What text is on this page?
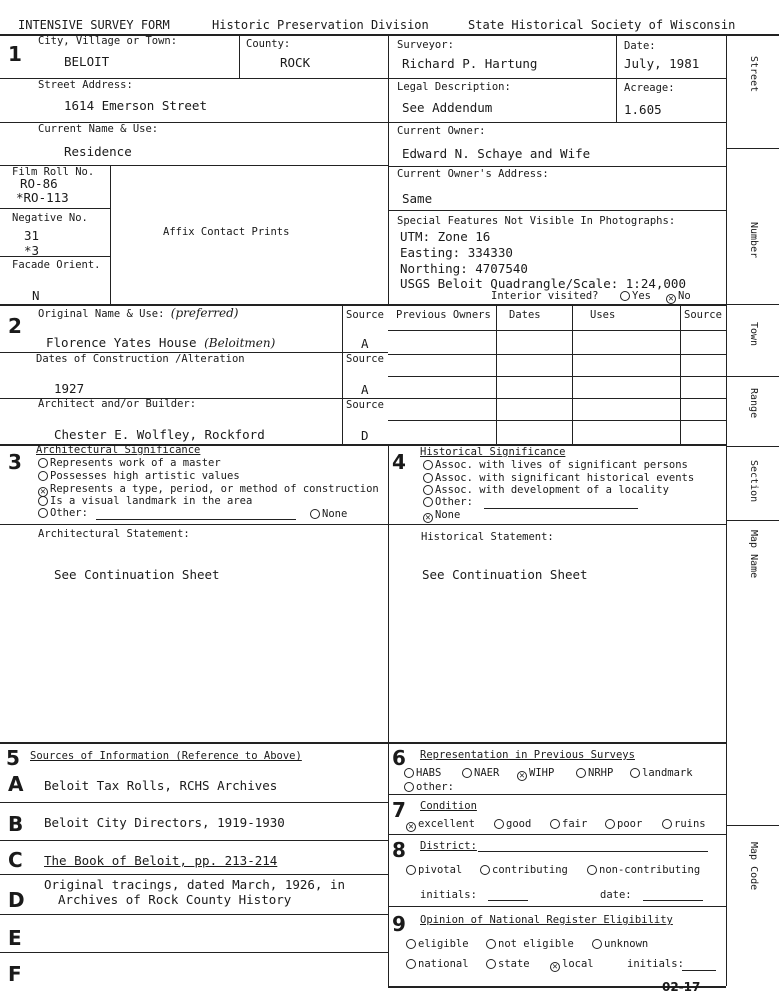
INTENSIVE SURVEY FORM	Historic Preservation Division	State Historical Society of Wisconsin
Street
Number
Town
Range
Section
Map Name
Map Code
1
City, Village or Town:
BELOIT
County:
ROCK
Surveyor:
Richard P. Hartung
Date:
July, 1981
Street Address:
1614 Emerson Street
Legal Description:
See Addendum
Acreage:
1.605
Current Name & Use:
Residence
Current Owner:
Edward N. Schaye and Wife
Film Roll No.
RO-86
*RO-113
Current Owner's Address:
Same
Negative No.
31
*3
Affix Contact Prints
Facade Orient.
N
Special Features Not Visible In Photographs:
UTM: Zone 16
Easting: 334330
Northing: 4707540
USGS Beloit Quadrangle/Scale: 1:24,000
Interior visited?	Yes ✕	No
2 Original Name & Use: (preferred)
Florence Yates House (Beloitmen)
Source
A
Dates of Construction /Alteration	Source
1927	A
Architect and/or Builder:	Source
Chester E. Wolfley, Rockford	D
Previous Owners Dates	Uses	Source
3 Architectural Significance
Represents work of a master
Possesses high artistic values
✕Represents a type, period, or method of construction
Is a visual landmark in the area
Other:	None
Architectural Statement:
See Continuation Sheet
4 Historical Significance
Assoc. with lives of significant persons
Assoc. with significant historical events
Assoc. with development of a locality
Other:
✕None
Historical Statement:
See Continuation Sheet
5 Sources of Information (Reference to Above)
A Beloit Tax Rolls, RCHS Archives
B Beloit City Directors, 1919-1930
C The Book of Beloit, pp. 213-214
D
Original tracings, dated March, 1926, in
Archives of Rock County History
E
F
6 Representation in Previous Surveys
HABS	NAER ✕	WIHP	NRHP	landmark
other:
7 Condition
✕excellent	good	fair	poor	ruins
8 District:
pivotal	contributing	non-contributing
initials:	date:
9 Opinion of National Register Eligibility
eligible	not eligible	unknown
national	state ✕	local	initials:
02-17
